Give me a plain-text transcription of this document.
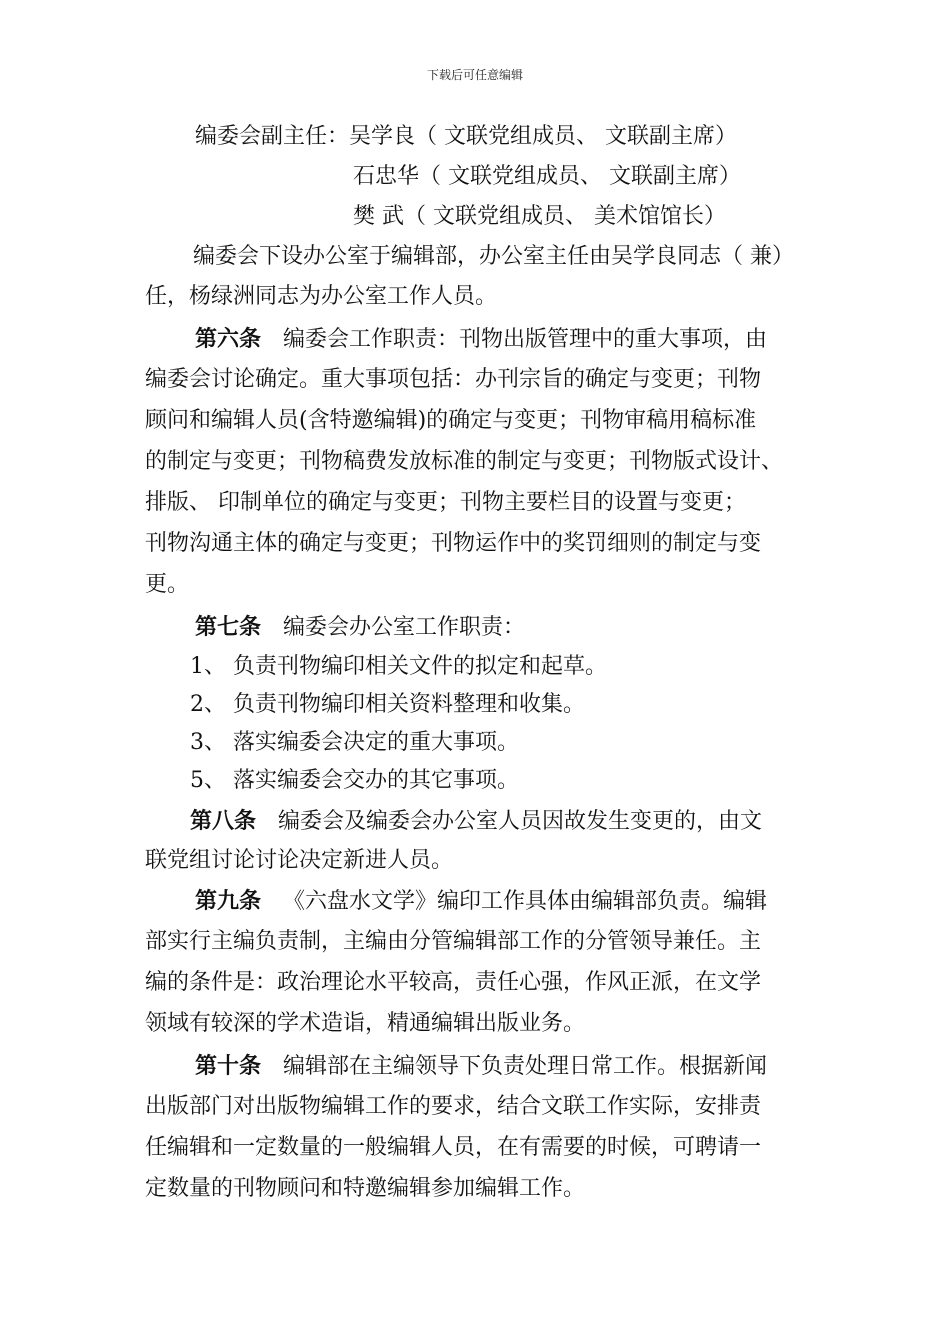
下载后可任意编辑
编委会副主任：吴学良（ 文联党组成员、 文联副主席）
石忠华（ 文联党组成员、 文联副主席）
樊 武（ 文联党组成员、 美术馆馆长）
编委会下设办公室于编辑部，办公室主任由吴学良同志（ 兼）
任，杨绿洲同志为办公室工作人员。
第六条  编委会工作职责：刊物出版管理中的重大事项，由
编委会讨论确定。重大事项包括：办刊宗旨的确定与变更；刊物
顾问和编辑人员(含特邀编辑)的确定与变更；刊物审稿用稿标准
的制定与变更；刊物稿费发放标准的制定与变更；刊物版式设计、
排版、 印制单位的确定与变更；刊物主要栏目的设置与变更；
刊物沟通主体的确定与变更；刊物运作中的奖罚细则的制定与变
更。
第七条  编委会办公室工作职责：
1、 负责刊物编印相关文件的拟定和起草。
2、 负责刊物编印相关资料整理和收集。
3、 落实编委会决定的重大事项。
5、 落实编委会交办的其它事项。
第八条  编委会及编委会办公室人员因故发生变更的，由文
联党组讨论讨论决定新进人员。
第九条  《六盘水文学》编印工作具体由编辑部负责。编辑
部实行主编负责制，主编由分管编辑部工作的分管领导兼任。主
编的条件是：政治理论水平较高，责任心强，作风正派，在文学
领域有较深的学术造诣，精通编辑出版业务。
第十条  编辑部在主编领导下负责处理日常工作。根据新闻
出版部门对出版物编辑工作的要求，结合文联工作实际，安排责
任编辑和一定数量的一般编辑人员，在有需要的时候，可聘请一
定数量的刊物顾问和特邀编辑参加编辑工作。
